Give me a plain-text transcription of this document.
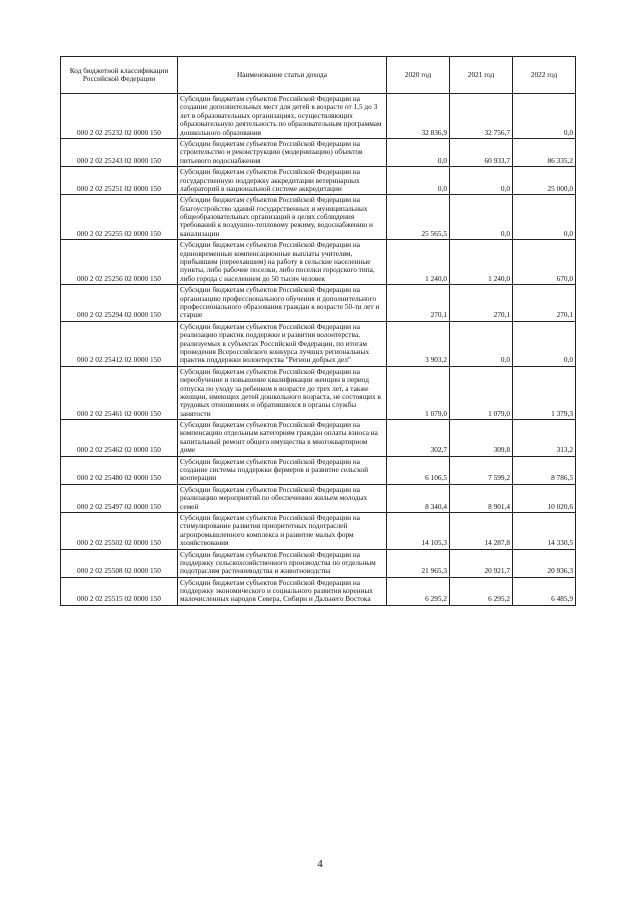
Код бюджетной классификации Российской Федерации	Наименование статьи дохода	2020 год	2021 год	2022 год
000 2 02 25232 02 0000 150	Субсидии бюджетам субъектов Российской Федерации на создание дополнительных мест для детей в возрасте от 1,5 до 3 лет в образовательных организациях, осуществляющих образовательную деятельность по образовательным программам дошкольного образования	32 836,9	32 756,7	0,0
000 2 02 25243 02 0000 150	Субсидии бюджетам субъектов Российской Федерации на строительство и реконструкцию (модернизацию) объектов питьевого водоснабжения	0,0	60 933,7	86 335,2
000 2 02 25251 02 0000 150	Субсидии бюджетам субъектов Российской Федерации на государственную поддержку аккредитации ветеринарных лабораторий в национальной системе аккредитации	0,0	0,0	25 000,0
000 2 02 25255 02 0000 150	Субсидии бюджетам субъектов Российской Федерации на благоустройство зданий государственных и муниципальных общеобразовательных организаций в целях соблюдения требований к воздушно-тепловому режиму, водоснабжению и канализации	25 565,5	0,0	0,0
000 2 02 25256 02 0000 150	Субсидии бюджетам субъектов Российской Федерации на единовременные компенсационные выплаты учителям, прибывшим (переехавшим) на работу в сельские населенные пункты, либо рабочие поселки, либо поселки городского типа, либо города с населением до 50 тысяч человек	1 240,0	1 240,0	670,0
000 2 02 25294 02 0000 150	Субсидии бюджетам субъектов Российской Федерации на организацию профессионального обучения и дополнительного профессионального образования граждан в возрасте 50-ти лет и старше	270,1	270,1	270,1
000 2 02 25412 02 0000 150	Субсидии бюджетам субъектов Российской Федерации на реализацию практик поддержки и развития волонтерства, реализуемых в субъектах Российской Федерации, по итогам проведения Всероссийского конкурса лучших региональных практик поддержки волонтерства "Регион добрых дел"	3 903,2	0,0	0,0
000 2 02 25461 02 0000 150	Субсидии бюджетам субъектов Российской Федерации на переобучение и повышение квалификации женщин в период отпуска по уходу за ребенком в возрасте до трех лет, а также женщин, имеющих детей дошкольного возраста, не состоящих в трудовых отношениях и обратившихся в органы службы занятости	1 079,0	1 079,0	1 379,3
000 2 02 25462 02 0000 150	Субсидии бюджетам субъектов Российской Федерации на компенсацию отдельным категориям граждан оплаты взноса на капитальный ремонт общего имущества в многоквартирном доме	302,7	309,8	313,2
000 2 02 25480 02 0000 150	Субсидии бюджетам субъектов Российской Федерации на создание системы поддержки фермеров и развитие сельской кооперации	6 106,5	7 599,2	8 786,5
000 2 02 25497 02 0000 150	Субсидии бюджетам субъектов Российской Федерации на реализацию мероприятий по обеспечению жильем молодых семей	8 340,4	8 901,4	10 020,6
000 2 02 25502 02 0000 150	Субсидии бюджетам субъектов Российской Федерации на стимулирование развития приоритетных подотраслей агропромышленного комплекса и развитие малых форм хозяйствования	14 105,3	14 287,8	14 330,5
000 2 02 25508 02 0000 150	Субсидии бюджетам субъектов Российской Федерации на поддержку сельскохозяйственного производства по отдельным подотраслям растениеводства и животноводства	21 965,3	20 921,7	20 936,3
000 2 02 25515 02 0000 150	Субсидии бюджетам субъектов Российской Федерации на поддержку экономического и социального развития коренных малочисленных народов Севера, Сибири и Дальнего Востока	6 295,2	6 295,2	6 485,9
4
